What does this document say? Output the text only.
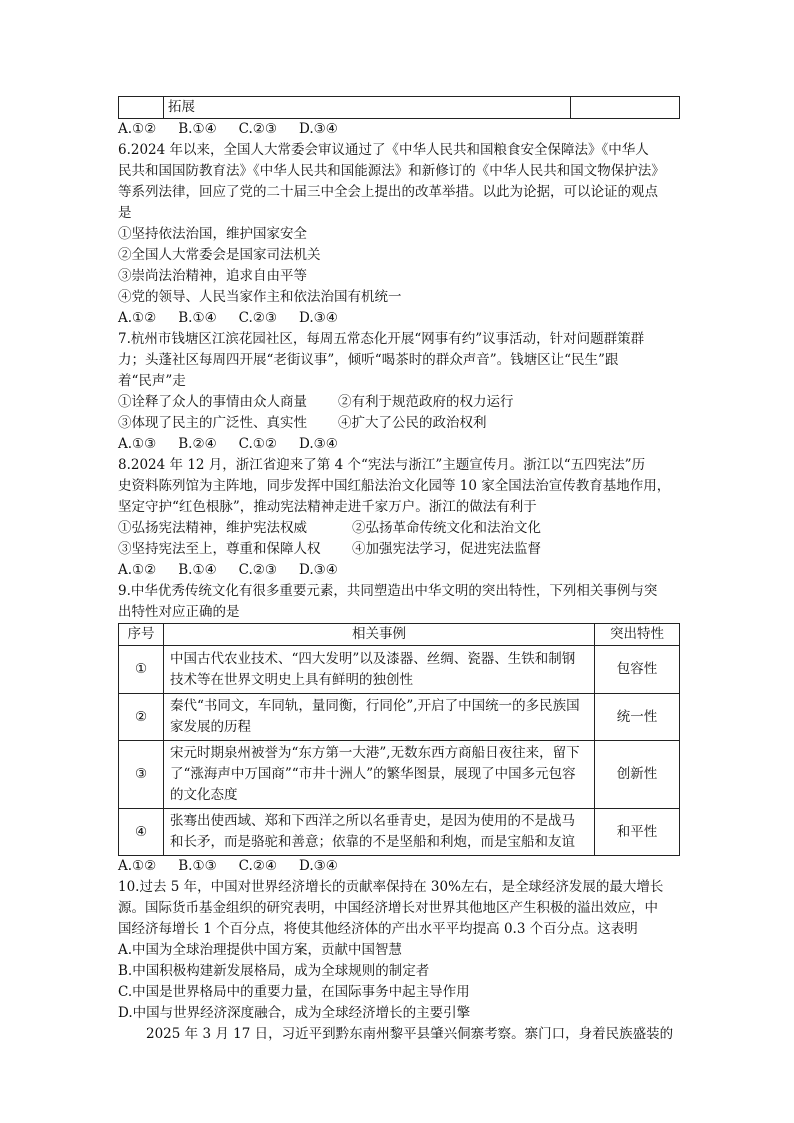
	拓展	
A.①② B.①④ C.②③ D.③④
6.2024 年以来，全国人大常委会审议通过了《中华人民共和国粮食安全保障法》《中华人
民共和国国防教育法》《中华人民共和国能源法》和新修订的《中华人民共和国文物保护法》
等系列法律，回应了党的二十届三中全会上提出的改革举措。以此为论据，可以论证的观点
是
①坚持依法治国，维护国家安全
②全国人大常委会是国家司法机关
③崇尚法治精神，追求自由平等
④党的领导、人民当家作主和依法治国有机统一
A.①② B.①④ C.②③ D.③④
7.杭州市钱塘区江滨花园社区，每周五常态化开展“网事有约”议事活动，针对问题群策群
力；头蓬社区每周四开展“老街议事”，倾听“喝茶时的群众声音”。钱塘区让“民生”跟
着“民声”走
①诠释了众人的事情由众人商量 ②有利于规范政府的权力运行
③体现了民主的广泛性、真实性 ④扩大了公民的政治权利
A.①③ B.②④ C.①② D.③④
8.2024 年 12 月，浙江省迎来了第 4 个“宪法与浙江”主题宣传月。浙江以“五四宪法”历
史资料陈列馆为主阵地，同步发挥中国红船法治文化园等 10 家全国法治宣传教育基地作用，
坚定守护“红色根脉”，推动宪法精神走进千家万户。浙江的做法有利于
①弘扬宪法精神，维护宪法权威	②弘扬革命传统文化和法治文化
③坚持宪法至上，尊重和保障人权 ④加强宪法学习，促进宪法监督
A.①② B.①④ C.②③ D.③④
9.中华优秀传统文化有很多重要元素，共同塑造出中华文明的突出特性，下列相关事例与突
出特性对应正确的是
序号	相关事例	突出特性
①	中国古代农业技术、“四大发明”以及漆器、丝绸、瓷器、生铁和制钢技术等在世界文明史上具有鲜明的独创性	包容性
②	秦代“书同文，车同轨，量同衡，行同伦”,开启了中国统一的多民族国家发展的历程	统一性
③	宋元时期泉州被誉为“东方第一大港”,无数东西方商船日夜往来，留下了“涨海声中万国商”“市井十洲人”的繁华图景，展现了中国多元包容的文化态度	创新性
④	张骞出使西域、郑和下西洋之所以名垂青史，是因为使用的不是战马和长矛，而是骆驼和善意；依靠的不是坚船和利炮，而是宝船和友谊	和平性
A.①② B.①③ C.②④ D.③④
10.过去 5 年，中国对世界经济增长的贡献率保持在 30%左右，是全球经济发展的最大增长
源。国际货币基金组织的研究表明，中国经济增长对世界其他地区产生积极的溢出效应，中
国经济每增长 1 个百分点，将使其他经济体的产出水平平均提高 0.3 个百分点。这表明
A.中国为全球治理提供中国方案，贡献中国智慧
B.中国积极构建新发展格局，成为全球规则的制定者
C.中国是世界格局中的重要力量，在国际事务中起主导作用
D.中国与世界经济深度融合，成为全球经济增长的主要引擎
2025 年 3 月 17 日，习近平到黔东南州黎平县肇兴侗寨考察。寨门口，身着民族盛装的
